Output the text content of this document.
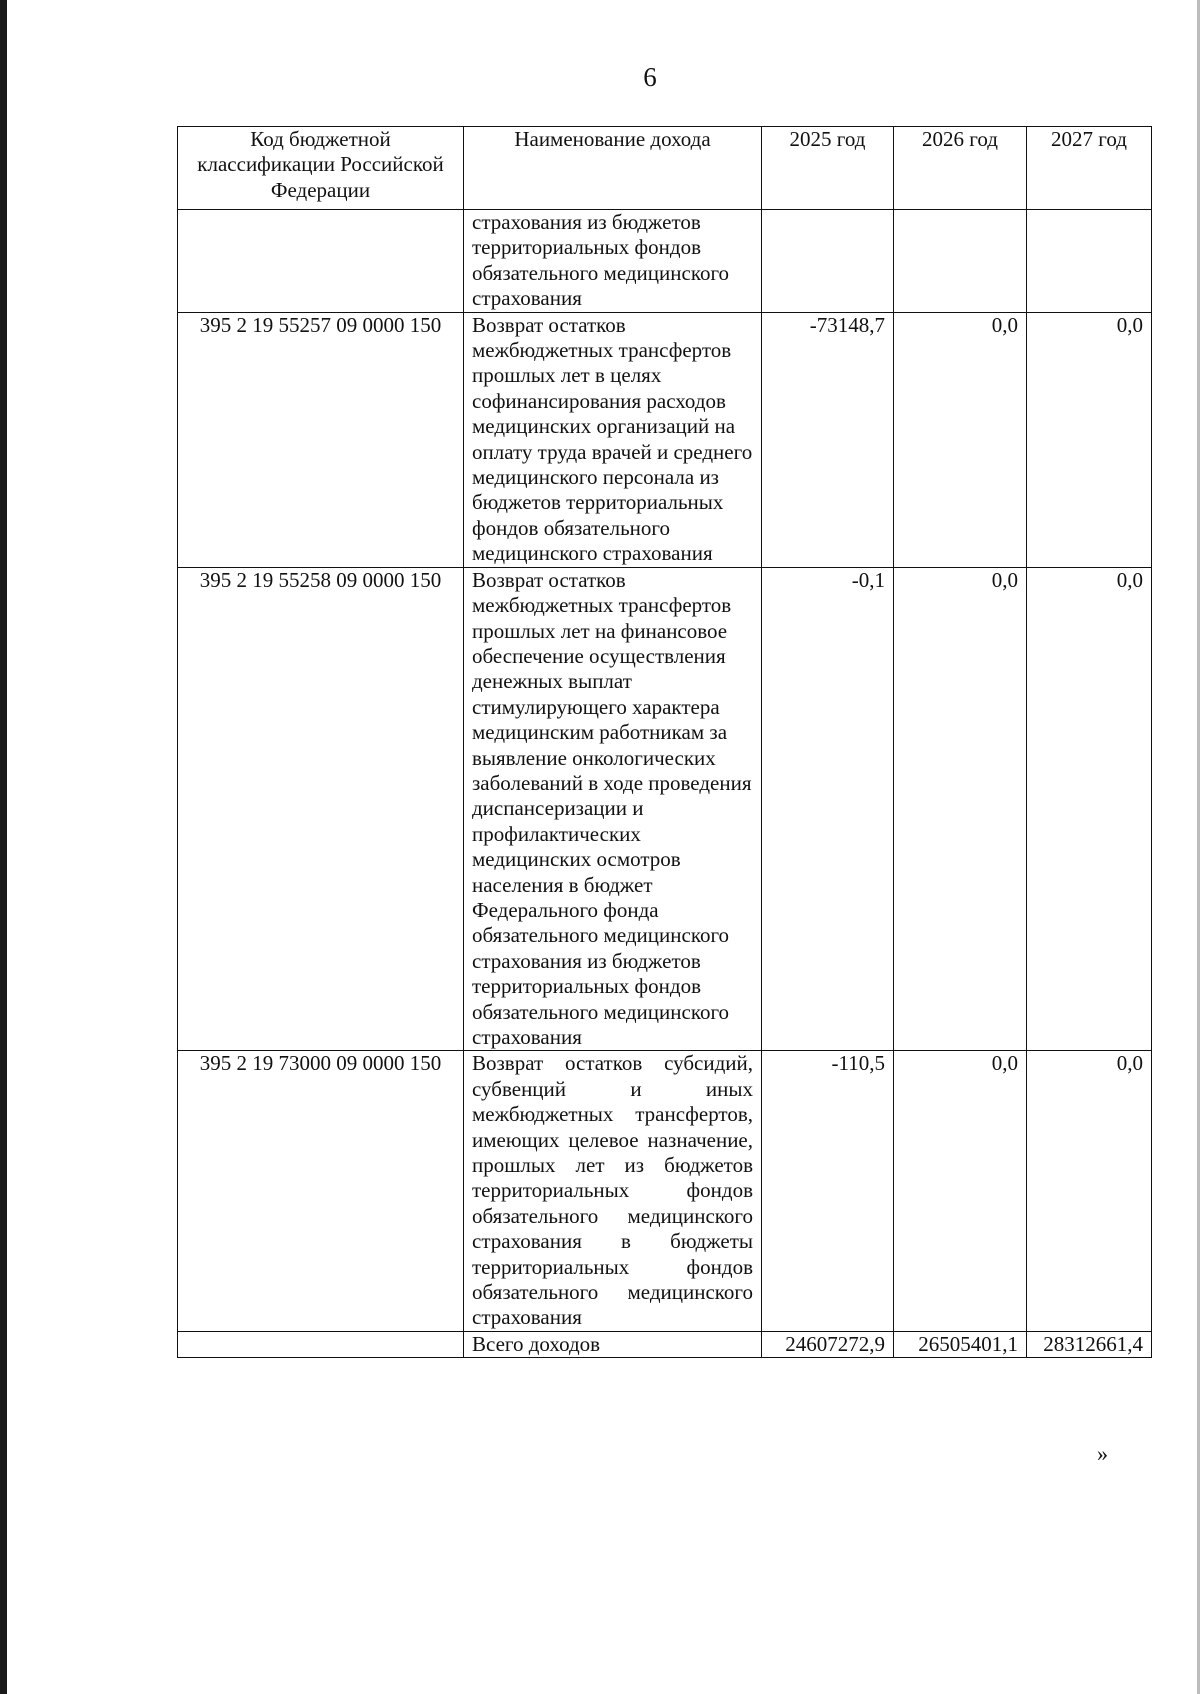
6
Код бюджетной классификации Российской Федерации	Наименование дохода	2025 год	2026 год	2027 год
	страхования из бюджетов территориальных фондов обязательного медицинского страхования			
395 2 19 55257 09 0000 150	Возврат остатков межбюджетных трансфертов прошлых лет в целях софинансирования расходов медицинских организаций на оплату труда врачей и среднего медицинского персонала из бюджетов территориальных фондов обязательного медицинского страхования	-73148,7	0,0	0,0
395 2 19 55258 09 0000 150	Возврат остатков межбюджетных трансфертов прошлых лет на финансовое обеспечение осуществления денежных выплат стимулирующего характера медицинским работникам за выявление онкологических заболеваний в ходе проведения диспансеризации и профилактических медицинских осмотров населения в бюджет Федерального фонда обязательного медицинского страхования из бюджетов территориальных фондов обязательного медицинского страхования	-0,1	0,0	0,0
395 2 19 73000 09 0000 150	Возврат остатков субсидий, субвенций и иных межбюджетных трансфертов, имеющих целевое назначение, прошлых лет из бюджетов территориальных фондов обязательного медицинского страхования в бюджеты территориальных фондов обязательного медицинского страхования	-110,5	0,0	0,0
	Всего доходов	24607272,9	26505401,1	28312661,4
»
